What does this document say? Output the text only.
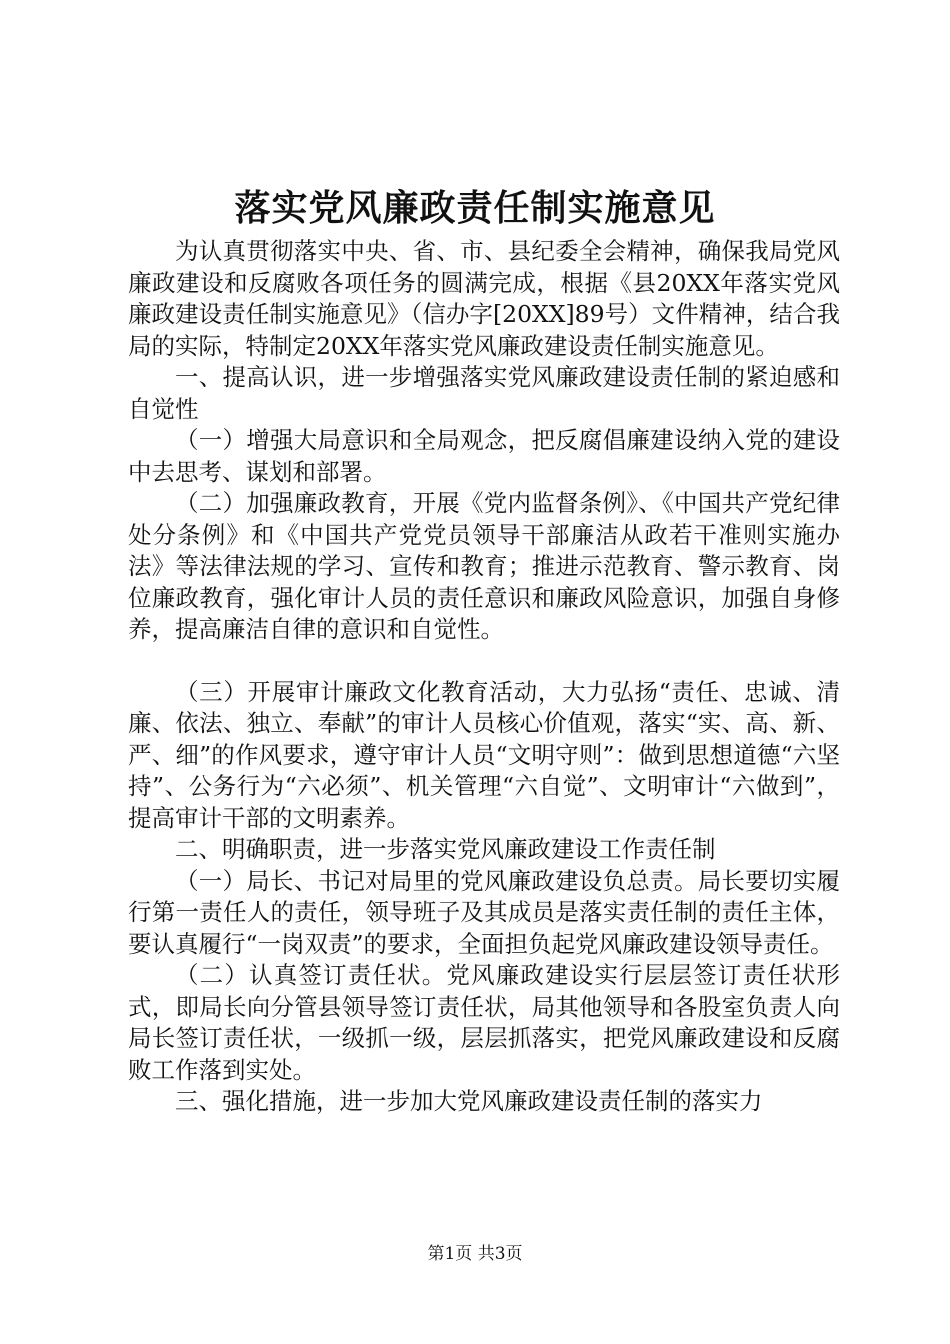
落实党风廉政责任制实施意见

为认真贯彻落实中央、省、市、县纪委全会精神，确保我局党风廉政建设和反腐败各项任务的圆满完成，根据《县20XX年落实党风廉政建设责任制实施意见》（信办字[20XX]89号）文件精神，结合我局的实际，特制定20XX年落实党风廉政建设责任制实施意见。

一、提高认识，进一步增强落实党风廉政建设责任制的紧迫感和自觉性

（一）增强大局意识和全局观念，把反腐倡廉建设纳入党的建设中去思考、谋划和部署。

（二）加强廉政教育，开展《党内监督条例》、《中国共产党纪律处分条例》和《中国共产党党员领导干部廉洁从政若干准则实施办法》等法律法规的学习、宣传和教育；推进示范教育、警示教育、岗位廉政教育，强化审计人员的责任意识和廉政风险意识，加强自身修养，提高廉洁自律的意识和自觉性。

（三）开展审计廉政文化教育活动，大力弘扬“责任、忠诚、清廉、依法、独立、奉献”的审计人员核心价值观，落实“实、高、新、严、细”的作风要求，遵守审计人员“文明守则”：做到思想道德“六坚持”、公务行为“六必须”、机关管理“六自觉”、文明审计“六做到”，提高审计干部的文明素养。

二、明确职责，进一步落实党风廉政建设工作责任制

（一）局长、书记对局里的党风廉政建设负总责。局长要切实履行第一责任人的责任，领导班子及其成员是落实责任制的责任主体，要认真履行“一岗双责”的要求，全面担负起党风廉政建设领导责任。

（二）认真签订责任状。党风廉政建设实行层层签订责任状形式，即局长向分管县领导签订责任状，局其他领导和各股室负责人向局长签订责任状，一级抓一级，层层抓落实，把党风廉政建设和反腐败工作落到实处。

三、强化措施，进一步加大党风廉政建设责任制的落实力

第1页 共3页
